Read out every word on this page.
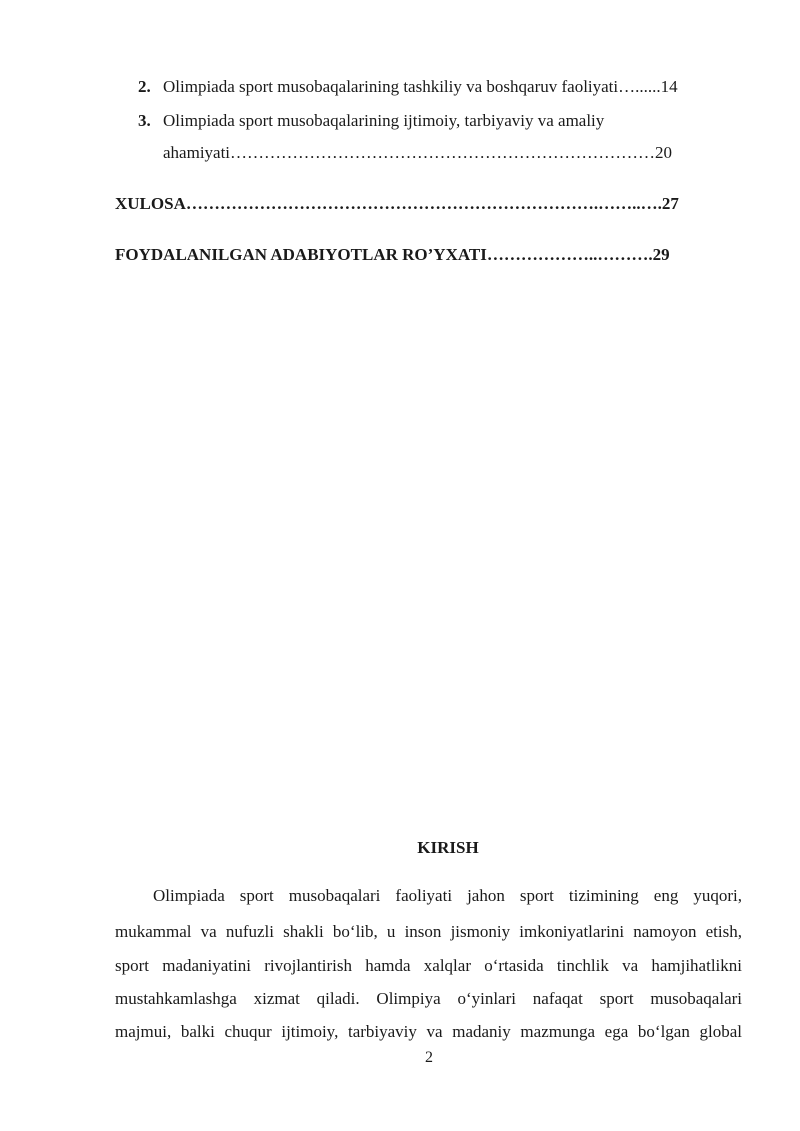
2. Olimpiada sport musobaqalarining tashkiliy va boshqaruv faoliyati…......14
3. Olimpiada sport musobaqalarining ijtimoiy, tarbiyaviy va amaliy
ahamiyati…………………………………………………………………20
XULOSA……………………………………………………………….……..….27
FOYDALANILGAN ADABIYOTLAR RO’YXATI………………..……….29
KIRISH
Olimpiada sport musobaqalari faoliyati jahon sport tizimining eng yuqori,
mukammal va nufuzli shakli bo‘lib, u inson jismoniy imkoniyatlarini namoyon etish,
sport madaniyatini rivojlantirish hamda xalqlar o‘rtasida tinchlik va hamjihatlikni
mustahkamlashga xizmat qiladi. Olimpiya o‘yinlari nafaqat sport musobaqalari
majmui, balki chuqur ijtimoiy, tarbiyaviy va madaniy mazmunga ega bo‘lgan global
2
